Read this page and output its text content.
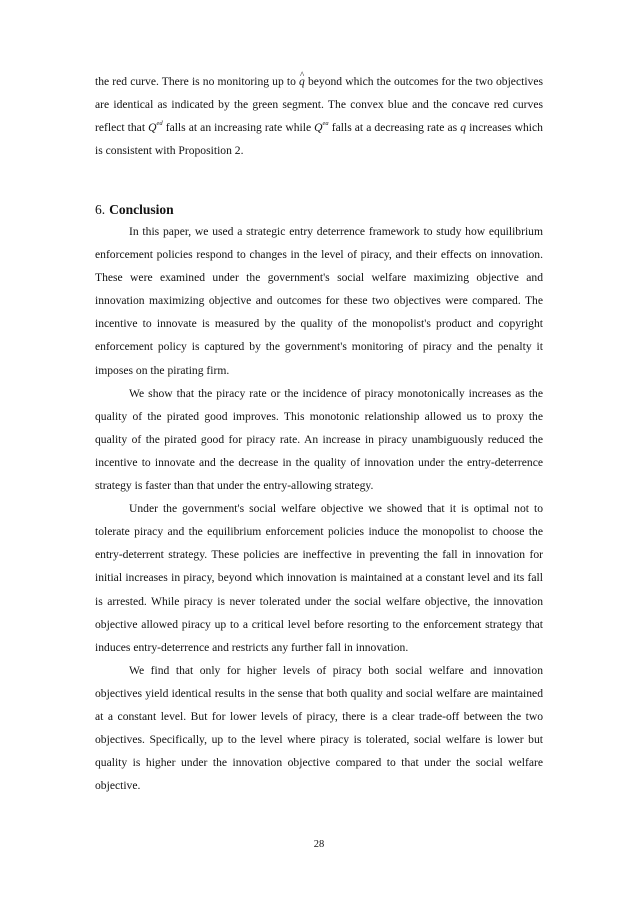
the red curve. There is no monitoring up to ^ q beyond which the outcomes for the two objectives are identical as indicated by the green segment. The convex blue and the concave red curves reflect that $Q^{ed}$ falls at an increasing rate while $Q^{ea}$ falls at a decreasing rate as q increases which is consistent with Proposition 2.

6. Conclusion

In this paper, we used a strategic entry deterrence framework to study how equilibrium enforcement policies respond to changes in the level of piracy, and their effects on innovation. These were examined under the government's social welfare maximizing objective and innovation maximizing objective and outcomes for these two objectives were compared. The incentive to innovate is measured by the quality of the monopolist's product and copyright enforcement policy is captured by the government's monitoring of piracy and the penalty it imposes on the pirating firm.

We show that the piracy rate or the incidence of piracy monotonically increases as the quality of the pirated good improves. This monotonic relationship allowed us to proxy the quality of the pirated good for piracy rate. An increase in piracy unambiguously reduced the incentive to innovate and the decrease in the quality of innovation under the entry-deterrence strategy is faster than that under the entry-allowing strategy.

Under the government's social welfare objective we showed that it is optimal not to tolerate piracy and the equilibrium enforcement policies induce the monopolist to choose the entry-deterrent strategy. These policies are ineffective in preventing the fall in innovation for initial increases in piracy, beyond which innovation is maintained at a constant level and its fall is arrested. While piracy is never tolerated under the social welfare objective, the innovation objective allowed piracy up to a critical level before resorting to the enforcement strategy that induces entry-deterrence and restricts any further fall in innovation.

We find that only for higher levels of piracy both social welfare and innovation objectives yield identical results in the sense that both quality and social welfare are maintained at a constant level. But for lower levels of piracy, there is a clear trade-off between the two objectives. Specifically, up to the level where piracy is tolerated, social welfare is lower but quality is higher under the innovation objective compared to that under the social welfare objective.

28
